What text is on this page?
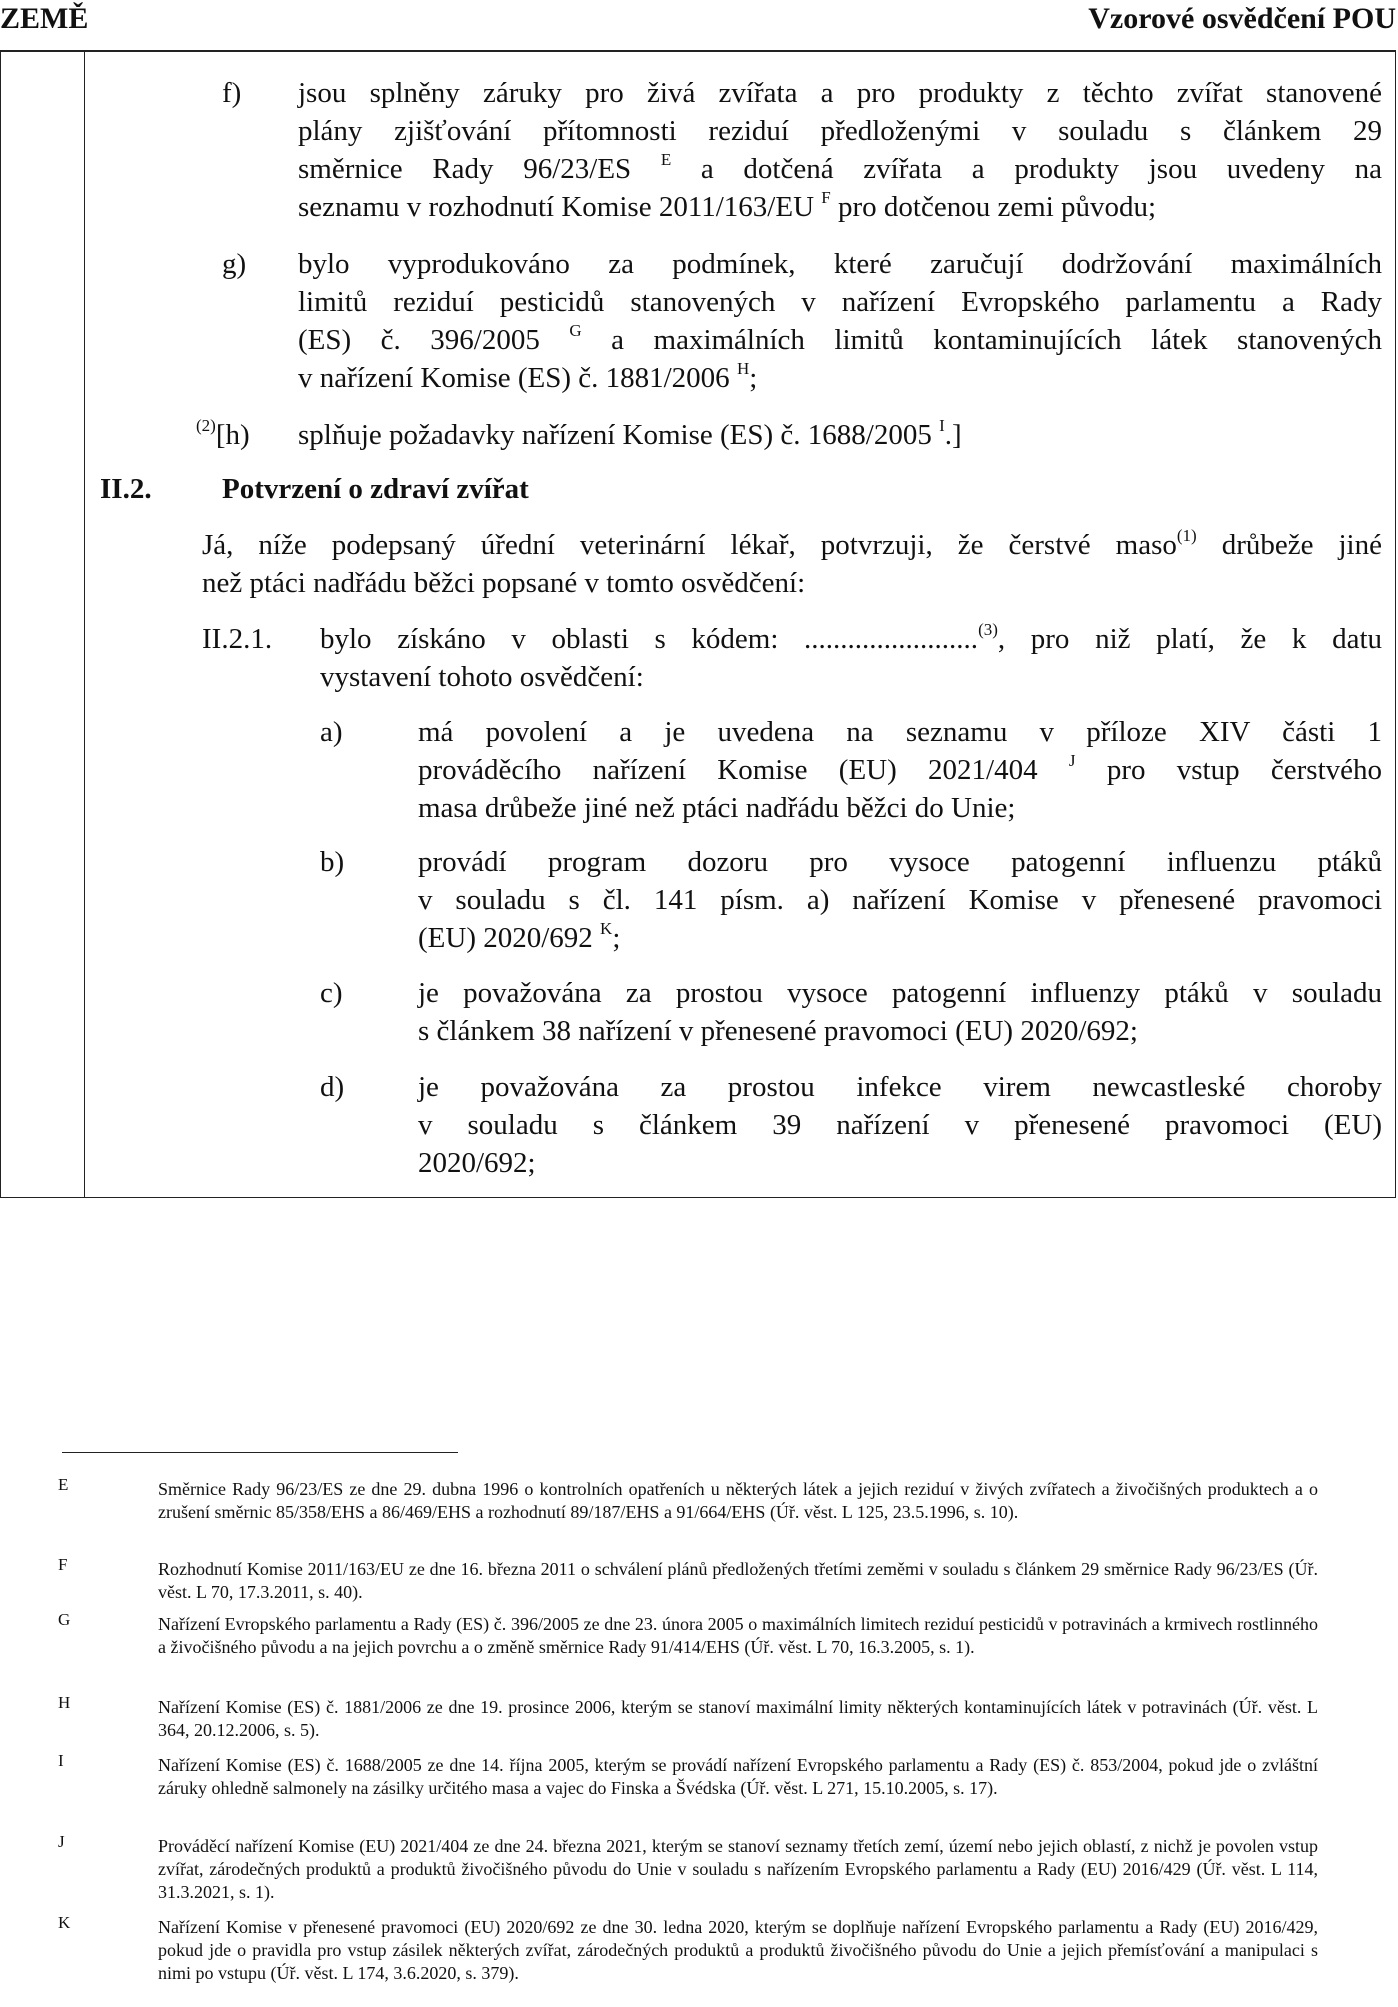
ZEMĚ	Vzorové osvědčení POU
f) jsou splněny záruky pro živá zvířata a pro produkty z těchto zvířat stanovené
plány zjišťování přítomnosti reziduí předloženými v souladu s článkem 29
směrnice Rady 96/23/ES $^E$ a dotčená zvířata a produkty jsou uvedeny na
seznamu v rozhodnutí Komise 2011/163/EU $^F$ pro dotčenou zemi původu;
g) bylo vyprodukováno za podmínek, které zaručují dodržování maximálních
limitů reziduí pesticidů stanovených v nařízení Evropského parlamentu a Rady
(ES) č. 396/2005 $^G$ a maximálních limitů kontaminujících látek stanovených
v nařízení Komise (ES) č. 1881/2006 $^H$;
$^{(2)}$[h) splňuje požadavky nařízení Komise (ES) č. 1688/2005 $^I$.]
II.2. Potvrzení o zdraví zvířat
Já, níže podepsaný úřední veterinární lékař, potvrzuji, že čerstvé maso$^{(1)}$ drůbeže jiné
než ptáci nadřádu běžci popsané v tomto osvědčení:
II.2.1. bylo získáno v oblasti s kódem: ........................$^{(3)}$, pro niž platí, že k datu
vystavení tohoto osvědčení:
a)	má povolení a je uvedena na seznamu v příloze XIV části 1
prováděcího nařízení Komise (EU) 2021/404 $^J$ pro vstup čerstvého
masa drůbeže jiné než ptáci nadřádu běžci do Unie;
b)	provádí program dozoru pro vysoce patogenní influenzu ptáků
v souladu s čl. 141 písm. a) nařízení Komise v přenesené pravomoci
(EU) 2020/692 $^K$;
c)	je považována za prostou vysoce patogenní influenzy ptáků v souladu
s článkem 38 nařízení v přenesené pravomoci (EU) 2020/692;
d)	je považována za prostou infekce virem newcastleské choroby
v souladu s článkem 39 nařízení v přenesené pravomoci (EU)
2020/692;
E	Směrnice Rady 96/23/ES ze dne 29. dubna 1996 o kontrolních opatřeních u některých látek a jejich reziduí v živých zvířatech a živočišných produktech a o zrušení směrnic 85/358/EHS a 86/469/EHS a rozhodnutí 89/187/EHS a 91/664/EHS (Úř. věst. L 125, 23.5.1996, s. 10).
F	Rozhodnutí Komise 2011/163/EU ze dne 16. března 2011 o schválení plánů předložených třetími zeměmi v souladu s článkem 29 směrnice Rady 96/23/ES (Úř. věst. L 70, 17.3.2011, s. 40).
G	Nařízení Evropského parlamentu a Rady (ES) č. 396/2005 ze dne 23. února 2005 o maximálních limitech reziduí pesticidů v potravinách a krmivech rostlinného a živočišného původu a na jejich povrchu a o změně směrnice Rady 91/414/EHS (Úř. věst. L 70, 16.3.2005, s. 1).
H	Nařízení Komise (ES) č. 1881/2006 ze dne 19. prosince 2006, kterým se stanoví maximální limity některých kontaminujících látek v potravinách (Úř. věst. L 364, 20.12.2006, s. 5).
I	Nařízení Komise (ES) č. 1688/2005 ze dne 14. října 2005, kterým se provádí nařízení Evropského parlamentu a Rady (ES) č. 853/2004, pokud jde o zvláštní záruky ohledně salmonely na zásilky určitého masa a vajec do Finska a Švédska (Úř. věst. L 271, 15.10.2005, s. 17).
J	Prováděcí nařízení Komise (EU) 2021/404 ze dne 24. března 2021, kterým se stanoví seznamy třetích zemí, území nebo jejich oblastí, z nichž je povolen vstup zvířat, zárodečných produktů a produktů živočišného původu do Unie v souladu s nařízením Evropského parlamentu a Rady (EU) 2016/429 (Úř. věst. L 114, 31.3.2021, s. 1).
K	Nařízení Komise v přenesené pravomoci (EU) 2020/692 ze dne 30. ledna 2020, kterým se doplňuje nařízení Evropského parlamentu a Rady (EU) 2016/429, pokud jde o pravidla pro vstup zásilek některých zvířat, zárodečných produktů a produktů živočišného původu do Unie a jejich přemísťování a manipulaci s nimi po vstupu (Úř. věst. L 174, 3.6.2020, s. 379).
